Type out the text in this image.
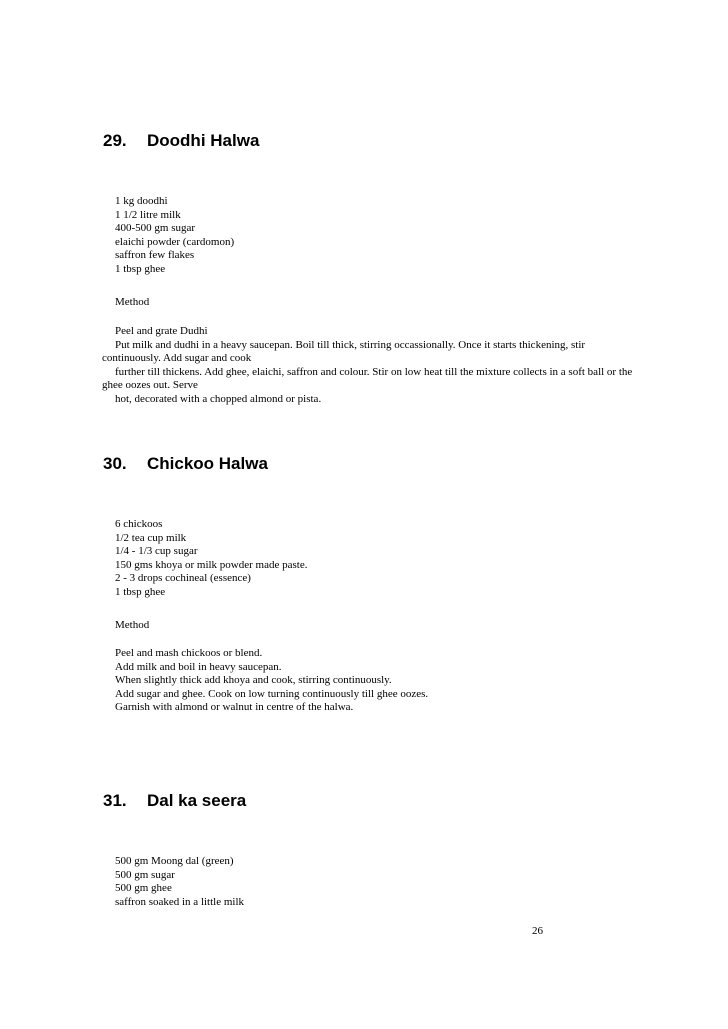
29. Doodhi Halwa
1 kg doodhi
1 1/2 litre milk
400-500 gm sugar
elaichi powder (cardomon)
saffron few flakes
1 tbsp ghee
Method
Peel and grate Dudhi
Put milk and dudhi in a heavy saucepan. Boil till thick, stirring occassionally. Once it starts thickening, stir
continuously. Add sugar and cook
further till thickens. Add ghee, elaichi, saffron and colour. Stir on low heat till the mixture collects in a soft ball or the
ghee oozes out. Serve
hot, decorated with a chopped almond or pista.
30. Chickoo Halwa
6 chickoos
1/2 tea cup milk
1/4 - 1/3 cup sugar
150 gms khoya or milk powder made paste.
2 - 3 drops cochineal (essence)
1 tbsp ghee
Method
Peel and mash chickoos or blend.
Add milk and boil in heavy saucepan.
When slightly thick add khoya and cook, stirring continuously.
Add sugar and ghee. Cook on low turning continuously till ghee oozes.
Garnish with almond or walnut in centre of the halwa.
31. Dal ka seera
500 gm Moong dal (green)
500 gm sugar
500 gm ghee
saffron soaked in a little milk
26
